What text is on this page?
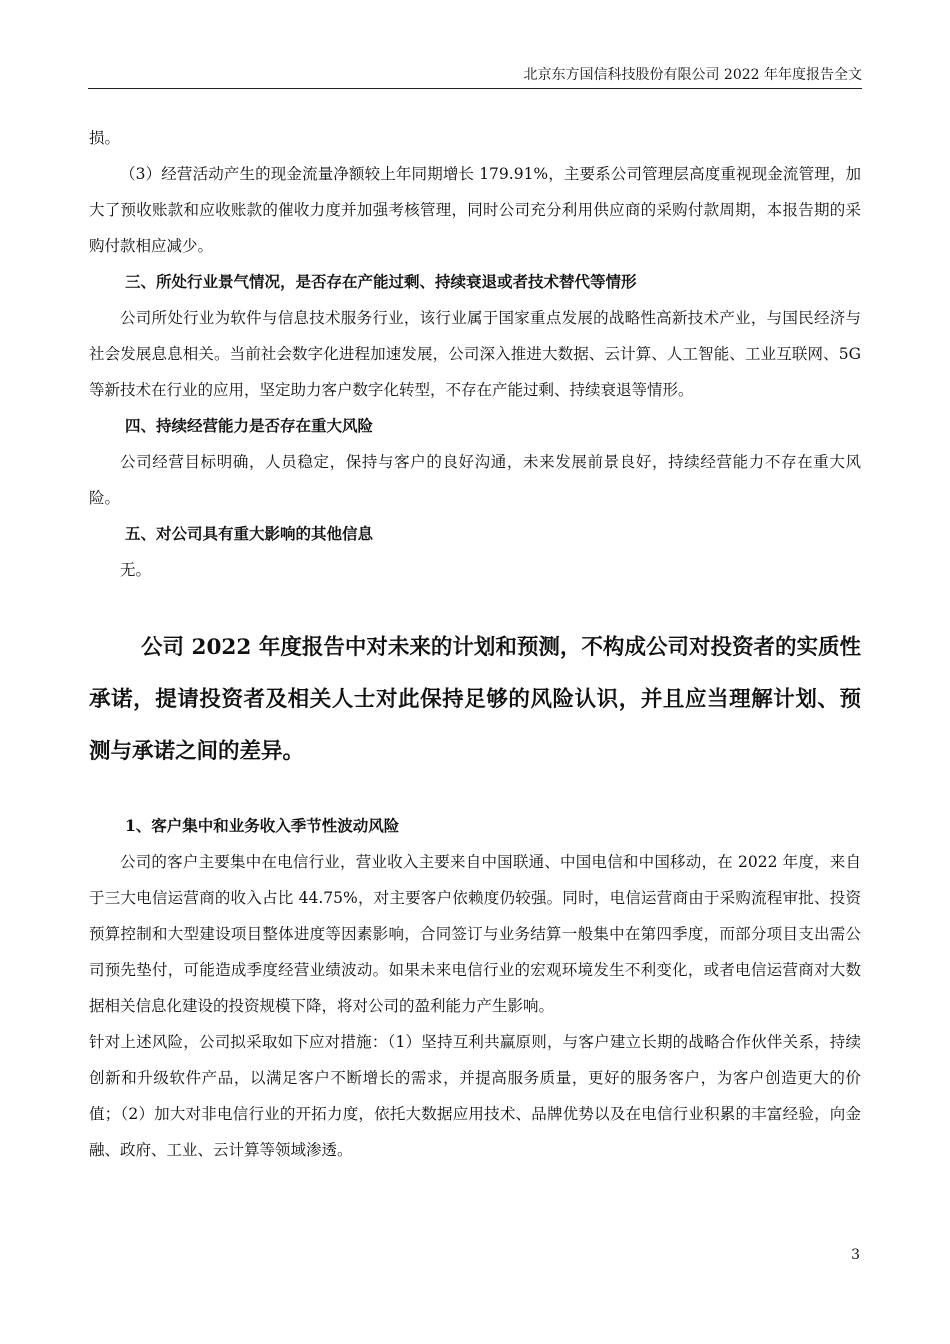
北京东方国信科技股份有限公司 2022 年年度报告全文

损。

（3）经营活动产生的现金流量净额较上年同期增长 179.91%，主要系公司管理层高度重视现金流管理，加大了预收账款和应收账款的催收力度并加强考核管理，同时公司充分利用供应商的采购付款周期，本报告期的采购付款相应减少。

三、所处行业景气情况，是否存在产能过剩、持续衰退或者技术替代等情形

公司所处行业为软件与信息技术服务行业，该行业属于国家重点发展的战略性高新技术产业，与国民经济与社会发展息息相关。当前社会数字化进程加速发展，公司深入推进大数据、云计算、人工智能、工业互联网、5G 等新技术在行业的应用，坚定助力客户数字化转型，不存在产能过剩、持续衰退等情形。

四、持续经营能力是否存在重大风险

公司经营目标明确，人员稳定，保持与客户的良好沟通，未来发展前景良好，持续经营能力不存在重大风险。

五、对公司具有重大影响的其他信息

无。

公司 2022 年度报告中对未来的计划和预测，不构成公司对投资者的实质性承诺，提请投资者及相关人士对此保持足够的风险认识，并且应当理解计划、预测与承诺之间的差异。

1、客户集中和业务收入季节性波动风险

公司的客户主要集中在电信行业，营业收入主要来自中国联通、中国电信和中国移动，在 2022 年度，来自于三大电信运营商的收入占比 44.75%，对主要客户依赖度仍较强。同时，电信运营商由于采购流程审批、投资预算控制和大型建设项目整体进度等因素影响，合同签订与业务结算一般集中在第四季度，而部分项目支出需公司预先垫付，可能造成季度经营业绩波动。如果未来电信行业的宏观环境发生不利变化，或者电信运营商对大数据相关信息化建设的投资规模下降，将对公司的盈利能力产生影响。

针对上述风险，公司拟采取如下应对措施：（1）坚持互利共赢原则，与客户建立长期的战略合作伙伴关系，持续创新和升级软件产品，以满足客户不断增长的需求，并提高服务质量，更好的服务客户，为客户创造更大的价值；（2）加大对非电信行业的开拓力度，依托大数据应用技术、品牌优势以及在电信行业积累的丰富经验，向金融、政府、工业、云计算等领域渗透。

3
